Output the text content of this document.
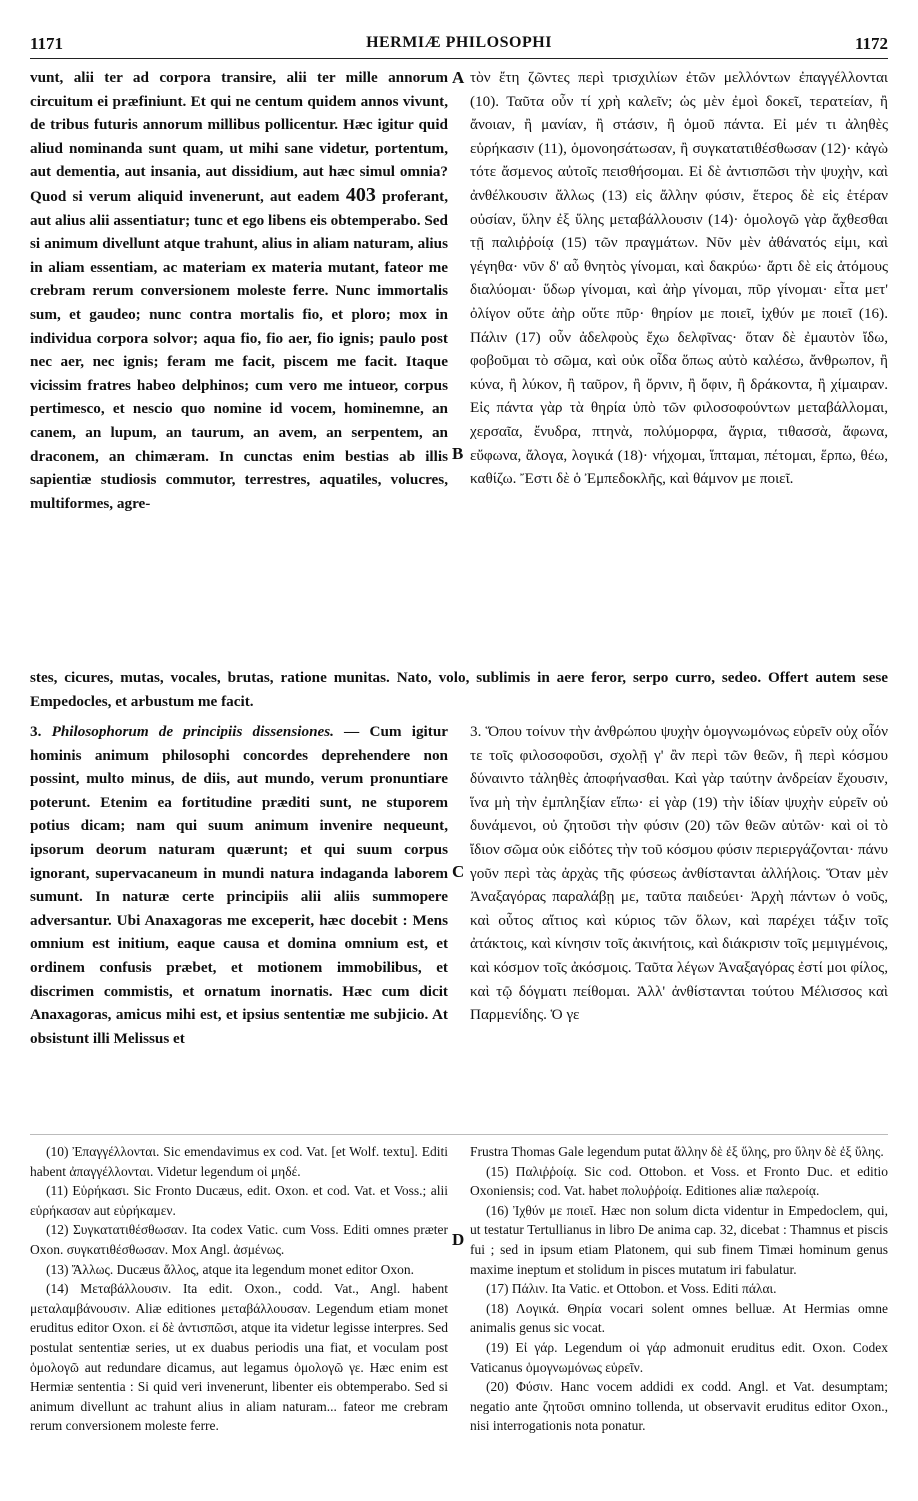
1171	HERMIÆ PHILOSOPHI	1172
A
B
C
D
vunt, alii ter ad corpora transire, alii ter mille annorum circuitum ei præfiniunt. Et qui ne centum quidem annos vivunt, de tribus futuris annorum millibus pollicentur. Hæc igitur quid aliud nominanda sunt quam, ut mihi sane videtur, portentum, aut dementia, aut insania, aut dissidium, aut hæc simul omnia? Quod si verum aliquid invenerunt, aut eadem 403 proferant, aut alius alii assentiatur; tunc et ego libens eis obtemperabo. Sed si animum divellunt atque trahunt, alius in aliam naturam, alius in aliam essentiam, ac materiam ex materia mutant, fateor me crebram rerum conversionem moleste ferre. Nunc immortalis sum, et gaudeo; nunc contra mortalis fio, et ploro; mox in individua corpora solvor; aqua fio, fio aer, fio ignis; paulo post nec aer, nec ignis; feram me facit, piscem me facit. Itaque vicissim fratres habeo delphinos; cum vero me intueor, corpus pertimesco, et nescio quo nomine id vocem, hominemne, an canem, an lupum, an taurum, an avem, an serpentem, an draconem, an chimæram. In cunctas enim bestias ab illis sapientiæ studiosis commutor, terrestres, aquatiles, volucres, multiformes, agre-
τὸν ἔτη ζῶντες περὶ τρισχιλίων ἐτῶν μελλόντων ἐπαγγέλλονται (10). Ταῦτα οὖν τί χρὴ καλεῖν; ὡς μὲν ἐμοὶ δοκεῖ, τερατείαν, ἢ ἄνοιαν, ἢ μανίαν, ἢ στάσιν, ἢ ὁμοῦ πάντα. Εἰ μέν τι ἀληθὲς εὑρήκασιν (11), ὁμονοησάτωσαν, ἢ συγκατατιθέσθωσαν (12)· κἀγὼ τότε ἄσμενος αὐτοῖς πεισθήσομαι. Εἰ δὲ ἀντισπῶσι τὴν ψυχὴν, καὶ ἀνθέλκουσιν ἄλλως (13) εἰς ἄλλην φύσιν, ἕτερος δὲ εἰς ἑτέραν οὐσίαν, ὕλην ἐξ ὕλης μεταβάλλουσιν (14)· ὁμολογῶ γὰρ ἄχθεσθαι τῇ παλιῤῥοίᾳ (15) τῶν πραγμάτων. Νῦν μὲν ἀθάνατός εἰμι, καὶ γέγηθα· νῦν δ' αὖ θνητὸς γίνομαι, καὶ δακρύω· ἄρτι δὲ εἰς ἀτόμους διαλύομαι· ὕδωρ γίνομαι, καὶ ἀὴρ γίνομαι, πῦρ γίνομαι· εἶτα μετ' ὀλίγον οὔτε ἀὴρ οὔτε πῦρ· θηρίον με ποιεῖ, ἰχθύν με ποιεῖ (16). Πάλιν (17) οὖν ἀδελφοὺς ἔχω δελφῖνας· ὅταν δὲ ἐμαυτὸν ἴδω, φοβοῦμαι τὸ σῶμα, καὶ οὐκ οἶδα ὅπως αὐτὸ καλέσω, ἄνθρωπον, ἢ κύνα, ἢ λύκον, ἢ ταῦρον, ἢ ὄρνιν, ἢ ὄφιν, ἢ δράκοντα, ἢ χίμαιραν. Εἰς πάντα γὰρ τὰ θηρία ὑπὸ τῶν φιλοσοφούντων μεταβάλλομαι, χερσαῖα, ἔνυδρα, πτηνὰ, πολύμορφα, ἄγρια, τιθασσὰ, ἄφωνα, εὔφωνα, ἄλογα, λογικά (18)· νήχομαι, ἵπταμαι, πέτομαι, ἕρπω, θέω, καθίζω. Ἔστι δὲ ὁ Ἐμπεδοκλῆς, καὶ θάμνον με ποιεῖ.
stes, cicures, mutas, vocales, brutas, ratione munitas. Nato, volo, sublimis in aere feror, serpo curro, sedeo. Offert autem sese Empedocles, et arbustum me facit.
3. Philosophorum de principiis dissensiones. — Cum igitur hominis animum philosophi concordes deprehendere non possint, multo minus, de diis, aut mundo, verum pronuntiare poterunt. Etenim ea fortitudine præditi sunt, ne stuporem potius dicam; nam qui suum animum invenire nequeunt, ipsorum deorum naturam quærunt; et qui suum corpus ignorant, supervacaneum in mundi natura indaganda laborem sumunt. In naturæ certe principiis alii aliis summopere adversantur. Ubi Anaxagoras me exceperit, hæc docebit : Mens omnium est initium, eaque causa et domina omnium est, et ordinem confusis præbet, et motionem immobilibus, et discrimen commistis, et ornatum inornatis. Hæc cum dicit Anaxagoras, amicus mihi est, et ipsius sententiæ me subjicio. At obsistunt illi Melissus et
3. Ὅπου τοίνυν τὴν ἀνθρώπου ψυχὴν ὁμογνωμόνως εὑρεῖν οὐχ οἷόν τε τοῖς φιλοσοφοῦσι, σχολῇ γ' ἂν περὶ τῶν θεῶν, ἢ περὶ κόσμου δύναιντο τἀληθὲς ἀποφήνασθαι. Καὶ γὰρ ταύτην ἀνδρείαν ἔχουσιν, ἵνα μὴ τὴν ἐμπληξίαν εἴπω· εἰ γὰρ (19) τὴν ἰδίαν ψυχὴν εὑρεῖν οὐ δυνάμενοι, οὐ ζητοῦσι τὴν φύσιν (20) τῶν θεῶν αὐτῶν· καὶ οἱ τὸ ἴδιον σῶμα οὐκ εἰδότες τὴν τοῦ κόσμου φύσιν περιεργάζονται· πάνυ γοῦν περὶ τὰς ἀρχὰς τῆς φύσεως ἀνθίστανται ἀλλήλοις. Ὅταν μὲν Ἀναξαγόρας παραλάβῃ με, ταῦτα παιδεύει· Ἀρχὴ πάντων ὁ νοῦς, καὶ οὗτος αἴτιος καὶ κύριος τῶν ὅλων, καὶ παρέχει τάξιν τοῖς ἀτάκτοις, καὶ κίνησιν τοῖς ἀκινήτοις, καὶ διάκρισιν τοῖς μεμιγμένοις, καὶ κόσμον τοῖς ἀκόσμοις. Ταῦτα λέγων Ἀναξαγόρας ἐστί μοι φίλος, καὶ τῷ δόγματι πείθομαι. Ἀλλ' ἀνθίστανται τούτου Μέλισσος καὶ Παρμενίδης. Ὁ γε

(10) Ἐπαγγέλλονται. Sic emendavimus ex cod. Vat. [et Wolf. textu]. Editi habent ἀπαγγέλλονται. Videtur legendum οἱ μηδέ.

(11) Εὑρήκασι. Sic Fronto Ducæus, edit. Oxon. et cod. Vat. et Voss.; alii εὑρήκασαν aut εὑρήκαμεν.

(12) Συγκατατιθέσθωσαν. Ita codex Vatic. cum Voss. Editi omnes præter Oxon. συγκατιθέσθωσαν. Mox Angl. ἀσμένως.

(13) Ἄλλως. Ducæus ἄλλος, atque ita legendum monet editor Oxon.

(14) Μεταβάλλουσιν. Ita edit. Oxon., codd. Vat., Angl. habent μεταλαμβάνουσιν. Aliæ editiones μεταβάλλουσαν. Legendum etiam monet eruditus editor Oxon. εἰ δὲ ἀντισπῶσι, atque ita videtur legisse interpres. Sed postulat sententiæ series, ut ex duabus periodis una fiat, et voculam post ὁμολογῶ aut redundare dicamus, aut legamus ὁμολογῶ γε. Hæc enim est Hermiæ sententia : Si quid veri invenerunt, libenter eis obtemperabo. Sed si animum divellunt ac trahunt alius in aliam naturam... fateor me crebram rerum conversionem moleste ferre.

Frustra Thomas Gale legendum putat ἄλλην δὲ ἐξ ὕλης, pro ὕλην δὲ ἐξ ὕλης.

(15) Παλιῤῥοίᾳ. Sic cod. Ottobon. et Voss. et Fronto Duc. et editio Oxoniensis; cod. Vat. habet πολυῤῥοίᾳ. Editiones aliæ παλεροίᾳ.

(16) Ἰχθύν με ποιεῖ. Hæc non solum dicta videntur in Empedoclem, qui, ut testatur Tertullianus in libro De anima cap. 32, dicebat : Thamnus et piscis fui ; sed in ipsum etiam Platonem, qui sub finem Timæi hominum genus maxime ineptum et stolidum in pisces mutatum iri fabulatur.

(17) Πάλιν. Ita Vatic. et Ottobon. et Voss. Editi πάλαι.

(18) Λογικά. Θηρία vocari solent omnes belluæ. At Hermias omne animalis genus sic vocat.

(19) Εἰ γάρ. Legendum οἱ γάρ admonuit eruditus edit. Oxon. Codex Vaticanus ὁμογνωμόνως εὑρεῖν.

(20) Φύσιν. Hanc vocem addidi ex codd. Angl. et Vat. desumptam; negatio ante ζητοῦσι omnino tollenda, ut observavit eruditus editor Oxon., nisi interrogationis nota ponatur.
